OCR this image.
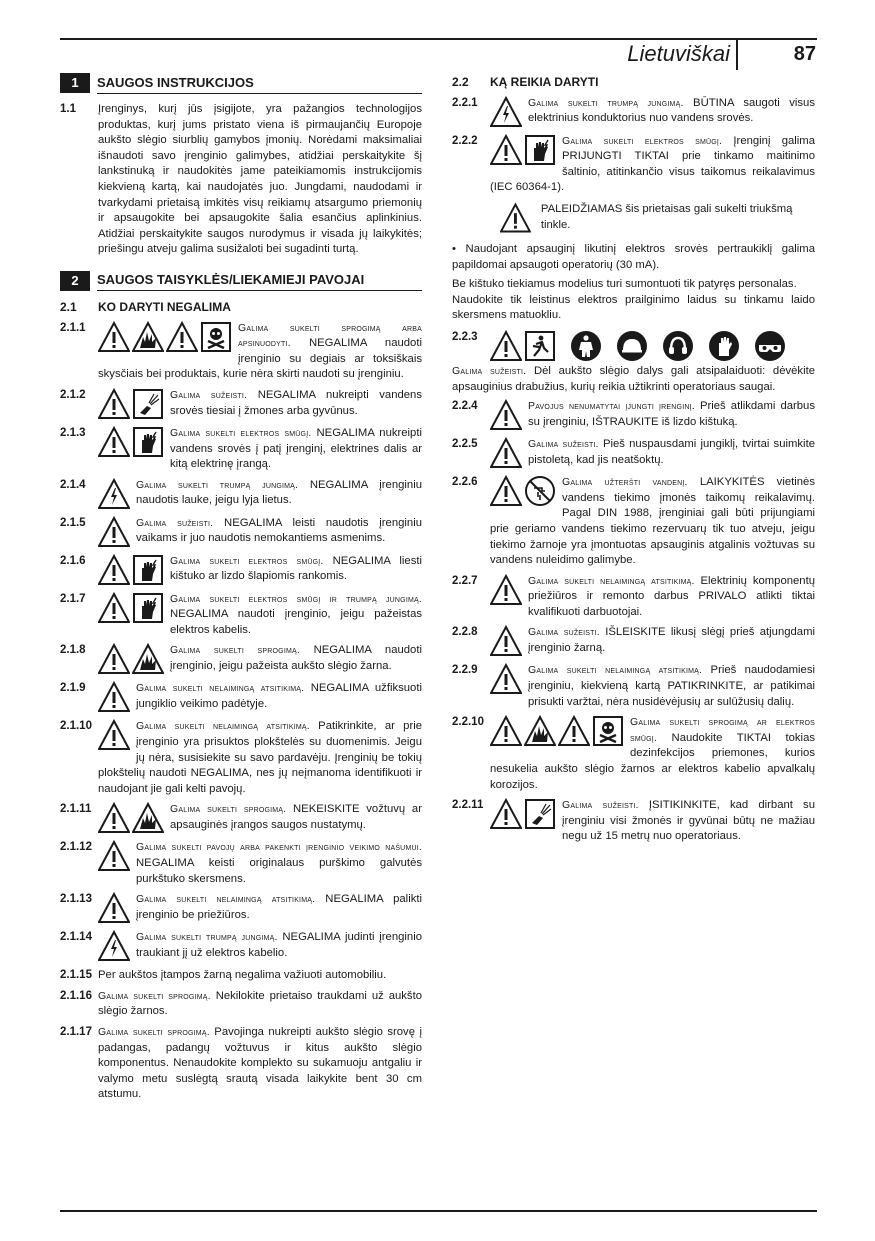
Lietuviškai	87
1	SAUGOS INSTRUKCIJOS
1.1 Įrenginys, kurį jūs įsigijote, yra pažangios technologijos produktas, kurį jums pristato viena iš pirmaujančių Europoje aukšto slėgio siurblių gamybos įmonių. Norėdami maksimaliai išnaudoti savo įrenginio galimybes, atidžiai perskaitykite šį lankstinuką ir naudokitės jame pateikiamomis instrukcijomis kiekvieną kartą, kai naudojatės juo. Jungdami, naudodami ir tvarkydami prietaisą imkitės visų reikiamų atsargumo priemonių ir apsaugokite bei apsaugokite šalia esančius aplinkinius. Atidžiai perskaitykite saugos nurodymus ir visada jų laikykitės; priešingu atveju galima susižaloti bei sugadinti turtą.
2	SAUGOS TAISYKLĖS/LIEKAMIEJI PAVOJAI
2.1	KO DARYTI NEGALIMA
2.1.1	Galima sukelti sprogimą arba apsinuodyti. NEGALIMA naudoti įrenginio su degiais ar toksiškais skysčiais bei produktais, kurie nėra skirti naudoti su įrenginiu.
2.1.2	Galima sužeisti. NEGALIMA nukreipti vandens srovės tiesiai į žmones arba gyvūnus.
2.1.3	Galima sukelti elektros smūgį. NEGALIMA nukreipti vandens srovės į patį įrenginį, elektrines dalis ar kitą elektrinę įrangą.
2.1.4	Galima sukelti trumpą jungimą. NEGALIMA įrenginiu naudotis lauke, jeigu lyja lietus.
2.1.5	Galima sužeisti. NEGALIMA leisti naudotis įrenginiu vaikams ir juo naudotis nemokantiems asmenims.
2.1.6	Galima sukelti elektros smūgį. NEGALIMA liesti kištuko ar lizdo šlapiomis rankomis.
2.1.7	Galima sukelti elektros smūgį ir trumpą jungimą. NEGALIMA naudoti įrenginio, jeigu pažeistas elektros kabelis.
2.1.8	Galima sukelti sprogimą. NEGALIMA naudoti įrenginio, jeigu pažeista aukšto slėgio žarna.
2.1.9	Galima sukelti nelaimingą atsitikimą. NEGALIMA užfiksuoti jungiklio veikimo padėtyje.
2.1.10	Galima sukelti nelaimingą atsitikimą. Patikrinkite, ar prie įrenginio yra prisuktos plokštelės su duomenimis. Jeigu jų nėra, susisiekite su savo pardavėju. Įrenginių be tokių plokštelių naudoti NEGALIMA, nes jų neįmanoma identifikuoti ir naudojant jie gali kelti pavojų.
2.1.11	Galima sukelti sprogimą. NEKEISKITE vožtuvų ar apsauginės įrangos saugos nustatymų.
2.1.12	Galima sukelti pavojų arba pakenkti įrenginio veikimo našumui. NEGALIMA keisti originalaus purškimo galvutės purkštuko skersmens.
2.1.13	Galima sukelti nelaimingą atsitikimą. NEGALIMA palikti įrenginio be priežiūros.
2.1.14	Galima sukelti trumpą jungimą. NEGALIMA judinti įrenginio traukiant jį už elektros kabelio.
2.1.15 Per aukštos įtampos žarną negalima važiuoti automobiliu.
2.1.16 Galima sukelti sprogimą. Nekilokite prietaiso traukdami už aukšto slėgio žarnos.
2.1.17 Galima sukelti sprogimą. Pavojinga nukreipti aukšto slėgio srovę į padangas, padangų vožtuvus ir kitus aukšto slėgio komponentus. Nenaudokite komplekto su sukamuoju antgaliu ir valymo metu suslėgtą srautą visada laikykite bent 30 cm atstumu.
2.2	KĄ REIKIA DARYTI
2.2.1	Galima sukelti trumpą jungimą. BŪTINA saugoti visus elektrinius konduktorius nuo vandens srovės.
2.2.2	Galima sukelti elektros smūgį. Įrenginį galima PRIJUNGTI TIKTAI prie tinkamo maitinimo šaltinio, atitinkančio visus taikomus reikalavimus (IEC 60364-1).
PALEIDŽIAMAS šis prietaisas gali sukelti triukšmą tinkle.
• Naudojant apsauginį likutinį elektros srovės pertraukiklį galima papildomai apsaugoti operatorių (30 mA).
Be kištuko tiekiamus modelius turi sumontuoti tik patyręs personalas.
Naudokite tik leistinus elektros prailginimo laidus su tinkamu laido skersmens matuokliu.
2.2.3
Galima sužeisti. Dėl aukšto slėgio dalys gali atsipalaiduoti: dėvėkite apsauginius drabužius, kurių reikia užtikrinti operatoriaus saugai.
2.2.4	Pavojus nenumatytai įjungti įrenginį. Prieš atlikdami darbus su įrenginiu, IŠTRAUKITE iš lizdo kištuką.
2.2.5	Galima sužeisti. Pieš nuspausdami jungiklį, tvirtai suimkite pistoletą, kad jis neatšoktų.
2.2.6	Galima užteršti vandenį. LAIKYKITĖS vietinės vandens tiekimo įmonės taikomų reikalavimų. Pagal DIN 1988, įrenginiai gali būti prijungiami prie geriamo vandens tiekimo rezervuarų tik tuo atveju, jeigu tiekimo žarnoje yra įmontuotas apsauginis atgalinis vožtuvas su vandens nuleidimo galimybe.
2.2.7	Galima sukelti nelaimingą atsitikimą. Elektrinių komponentų priežiūros ir remonto darbus PRIVALO atlikti tiktai kvalifikuoti darbuotojai.
2.2.8	Galima sužeisti. IŠLEISKITE likusį slėgį prieš atjungdami įrenginio žarną.
2.2.9	Galima sukelti nelaimingą atsitikimą. Prieš naudodamiesi įrenginiu, kiekvieną kartą PATIKRINKITE, ar patikimai prisukti varžtai, nėra nusidėvėjusių ar sulūžusių dalių.
2.2.10	Galima sukelti sprogimą ar elektros smūgį. Naudokite TIKTAI tokias dezinfekcijos priemones, kurios nesukelia aukšto slėgio žarnos ar elektros kabelio apvalkalų korozijos.
2.2.11	Galima sužeisti. ĮSITIKINKITE, kad dirbant su įrenginiu visi žmonės ir gyvūnai būtų ne mažiau negu už 15 metrų nuo operatoriaus.
